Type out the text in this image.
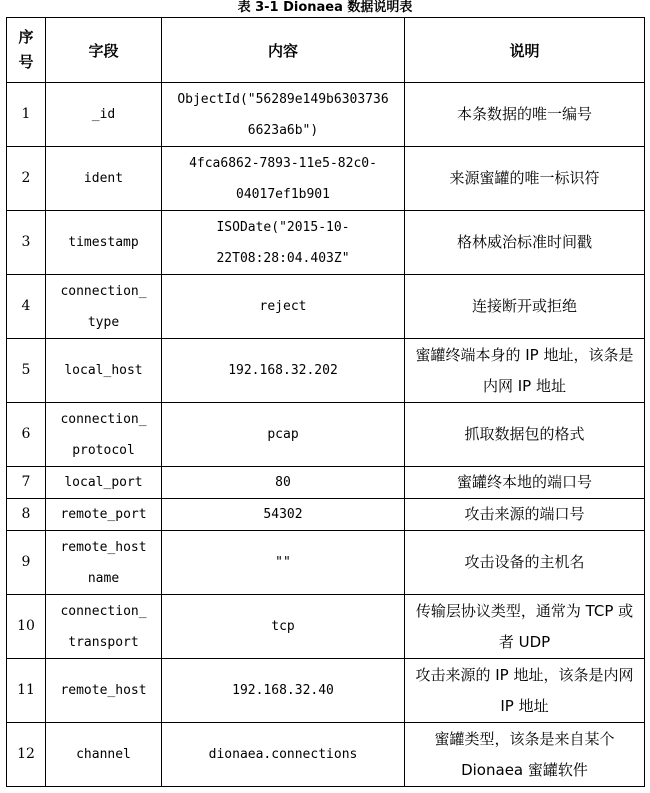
表 3-1 Dionaea 数据说明表
序
号	字段	内容	说明
1	_id	ObjectId("56289e149b6303736 6623a6b")	本条数据的唯一编号
2	ident	4fca6862-7893-11e5-82c0-04017ef1b901	来源蜜罐的唯一标识符
3	timestamp	ISODate("2015-10-22T08:28:04.403Z"	格林威治标准时间戳
4	connection_ type	reject	连接断开或拒绝
5	local_host	192.168.32.202	蜜罐终端本身的 IP 地址，该条是内网 IP 地址
6	connection_ protocol	pcap	抓取数据包的格式
7	local_port	80	蜜罐终本地的端口号
8	remote_port	54302	攻击来源的端口号
9	remote_host name	""	攻击设备的主机名
10	connection_ transport	tcp	传输层协议类型，通常为 TCP 或者 UDP
11	remote_host	192.168.32.40	攻击来源的 IP 地址，该条是内网 IP 地址
12	channel	dionaea.connections	蜜罐类型，该条是来自某个 Dionaea 蜜罐软件
